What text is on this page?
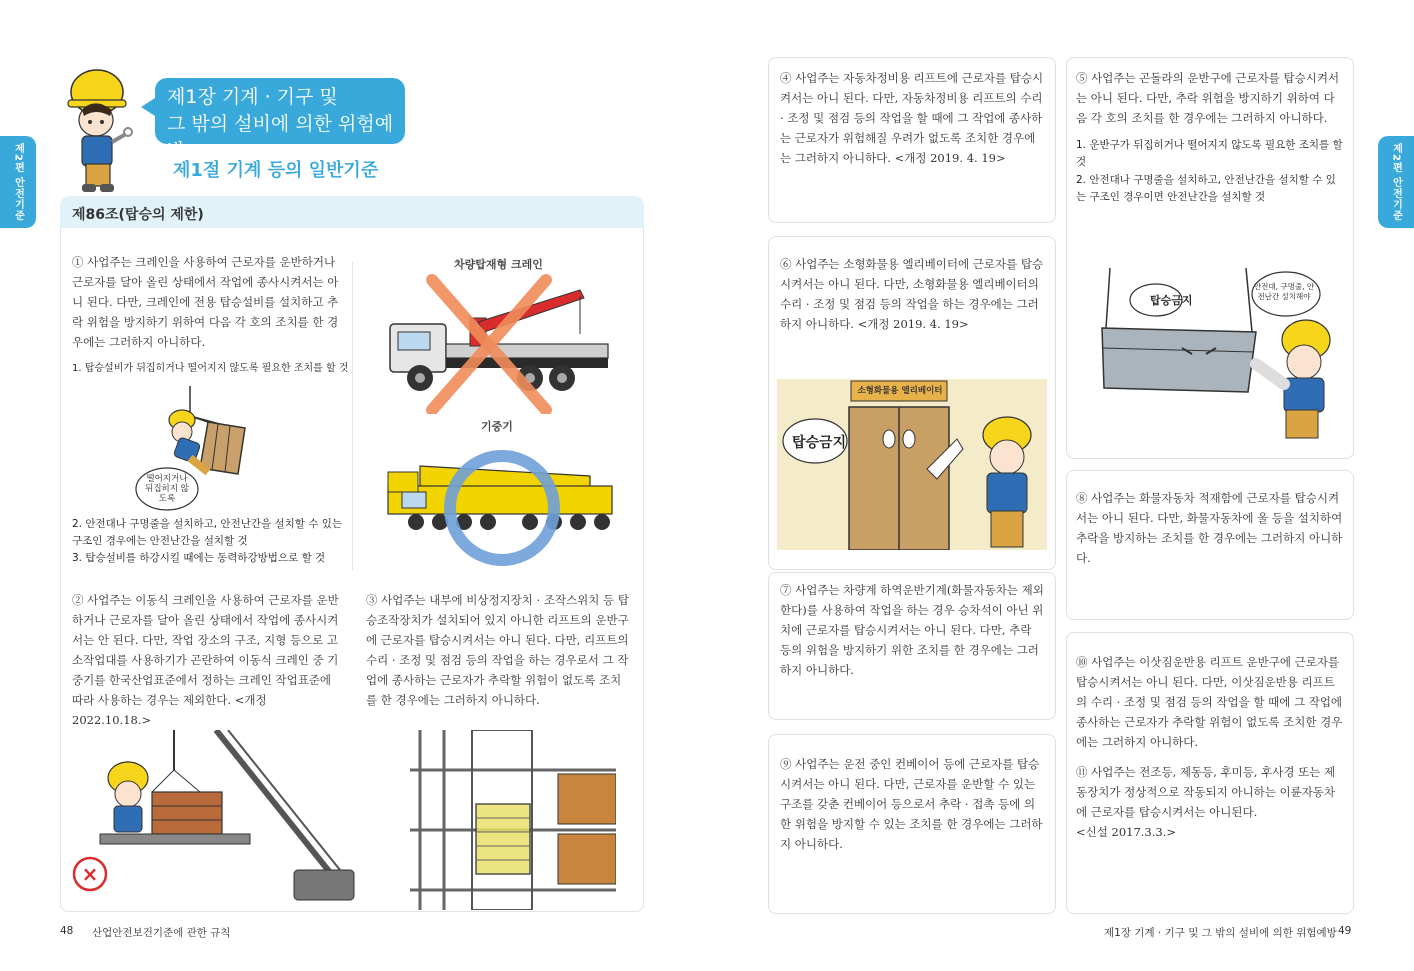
제2편 안전기준	제2편 안전기준
제1장 기계 · 기구 및
그 밖의 설비에 의한 위험예방
제1절 기계 등의 일반기준
제86조(탑승의 제한)
① 사업주는 크레인을 사용하여 근로자를 운반하거나 근로자를 달아 올린 상태에서 작업에 종사시켜서는 아니 된다. 다만, 크레인에 전용 탑승설비를 설치하고 추락 위험을 방지하기 위하여 다음 각 호의 조치를 한 경우에는 그러하지 아니하다.
1. 탑승설비가 뒤집히거나 떨어지지 않도록 필요한 조치를 할 것
떨어지거나 뒤집히지 않도록
2. 안전대나 구명줄을 설치하고, 안전난간을 설치할 수 있는 구조인 경우에는 안전난간을 설치할 것
3. 탑승설비를 하강시킬 때에는 동력하강방법으로 할 것
차량탑재형 크레인
기중기
② 사업주는 이동식 크레인을 사용하여 근로자를 운반하거나 근로자를 달아 올린 상태에서 작업에 종사시켜서는 안 된다. 다만, 작업 장소의 구조, 지형 등으로 고소작업대를 사용하기가 곤란하여 이동식 크레인 중 기중기를 한국산업표준에서 정하는 크레인 작업표준에 따라 사용하는 경우는 제외한다. <개정 2022.10.18.>
③ 사업주는 내부에 비상정지장치 · 조작스위치 등 탑승조작장치가 설치되어 있지 아니한 리프트의 운반구에 근로자를 탑승시켜서는 아니 된다. 다만, 리프트의 수리 · 조정 및 점검 등의 작업을 하는 경우로서 그 작업에 종사하는 근로자가 추락할 위험이 없도록 조치를 한 경우에는 그러하지 아니하다.
×
④ 사업주는 자동차정비용 리프트에 근로자를 탑승시켜서는 아니 된다. 다만, 자동차정비용 리프트의 수리 · 조정 및 점검 등의 작업을 할 때에 그 작업에 종사하는 근로자가 위험해질 우려가 없도록 조치한 경우에는 그러하지 아니하다. <개정 2019. 4. 19>
⑥ 사업주는 소형화물용 엘리베이터에 근로자를 탑승시켜서는 아니 된다. 다만, 소형화물용 엘리베이터의 수리 · 조정 및 점검 등의 작업을 하는 경우에는 그러하지 아니하다. <개정 2019. 4. 19>
소형화물용 엘리베이터
탑승금지
⑦ 사업주는 차량계 하역운반기계(화물자동차는 제외한다)를 사용하여 작업을 하는 경우 승차석이 아닌 위치에 근로자를 탑승시켜서는 아니 된다. 다만, 추락 등의 위험을 방지하기 위한 조치를 한 경우에는 그러하지 아니하다.
⑨ 사업주는 운전 중인 컨베이어 등에 근로자를 탑승시켜서는 아니 된다. 다만, 근로자를 운반할 수 있는 구조를 갖춘 컨베이어 등으로서 추락 · 접촉 등에 의한 위험을 방지할 수 있는 조치를 한 경우에는 그러하지 아니하다.
⑤ 사업주는 곤돌라의 운반구에 근로자를 탑승시켜서는 아니 된다. 다만, 추락 위험을 방지하기 위하여 다음 각 호의 조치를 한 경우에는 그러하지 아니하다.
1. 운반구가 뒤집히거나 떨어지지 않도록 필요한 조치를 할 것
2. 안전대나 구명줄을 설치하고, 안전난간을 설치할 수 있는 구조인 경우이면 안전난간을 설치할 것
탑승금지
안전대, 구명줄, 안전난간 설치해야
⑧ 사업주는 화물자동차 적재함에 근로자를 탑승시켜서는 아니 된다. 다만, 화물자동차에 울 등을 설치하여 추락을 방지하는 조치를 한 경우에는 그러하지 아니하다.
⑩ 사업주는 이삿짐운반용 리프트 운반구에 근로자를 탑승시켜서는 아니 된다. 다만, 이삿짐운반용 리프트의 수리 · 조정 및 점검 등의 작업을 할 때에 그 작업에 종사하는 근로자가 추락할 위험이 없도록 조치한 경우에는 그러하지 아니하다.
⑪ 사업주는 전조등, 제동등, 후미등, 후사경 또는 제동장치가 정상적으로 작동되지 아니하는 이륜자동차에 근로자를 탑승시켜서는 아니된다.
<신설 2017.3.3.>
48 산업안전보건기준에 관한 규칙	제1장 기계 · 기구 및 그 밖의 설비에 의한 위험예방 49
